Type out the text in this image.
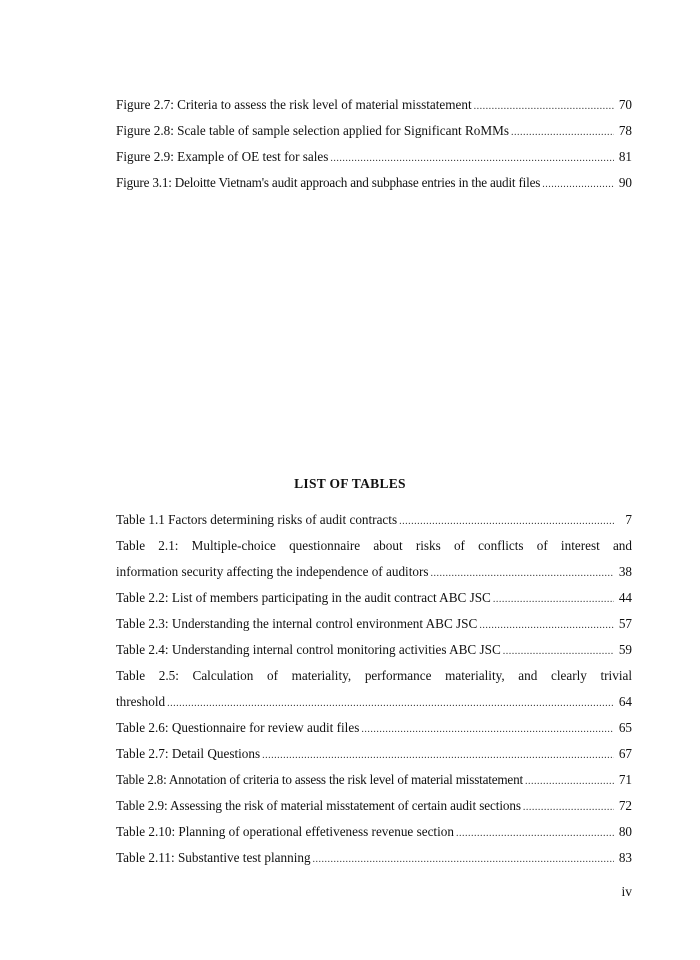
Figure 2.7: Criteria to assess the risk level of material misstatement .....	70
Figure 2.8: Scale table of sample selection applied for Significant RoMMs .....	78
Figure 2.9: Example of OE test for sales .....	81
Figure 3.1: Deloitte Vietnam's audit approach and subphase entries in the audit files .....	90
LIST OF TABLES
Table 1.1 Factors determining risks of audit contracts .....	7
Table 2.1: Multiple-choice questionnaire about risks of conflicts of interest and
information security affecting the independence of auditors .....	38
Table 2.2: List of members participating in the audit contract ABC JSC .....	44
Table 2.3: Understanding the internal control environment ABC JSC .....	57
Table 2.4: Understanding internal control monitoring activities ABC JSC .....	59
Table 2.5: Calculation of materiality, performance materiality, and clearly trivial
threshold .....	64
Table 2.6: Questionnaire for review audit files .....	65
Table 2.7: Detail Questions .....	67
Table 2.8: Annotation of criteria to assess the risk level of material misstatement .....	71
Table 2.9: Assessing the risk of material misstatement of certain audit sections .....	72
Table 2.10: Planning of operational effetiveness revenue section .....	80
Table 2.11: Substantive test planning .....	83
iv
